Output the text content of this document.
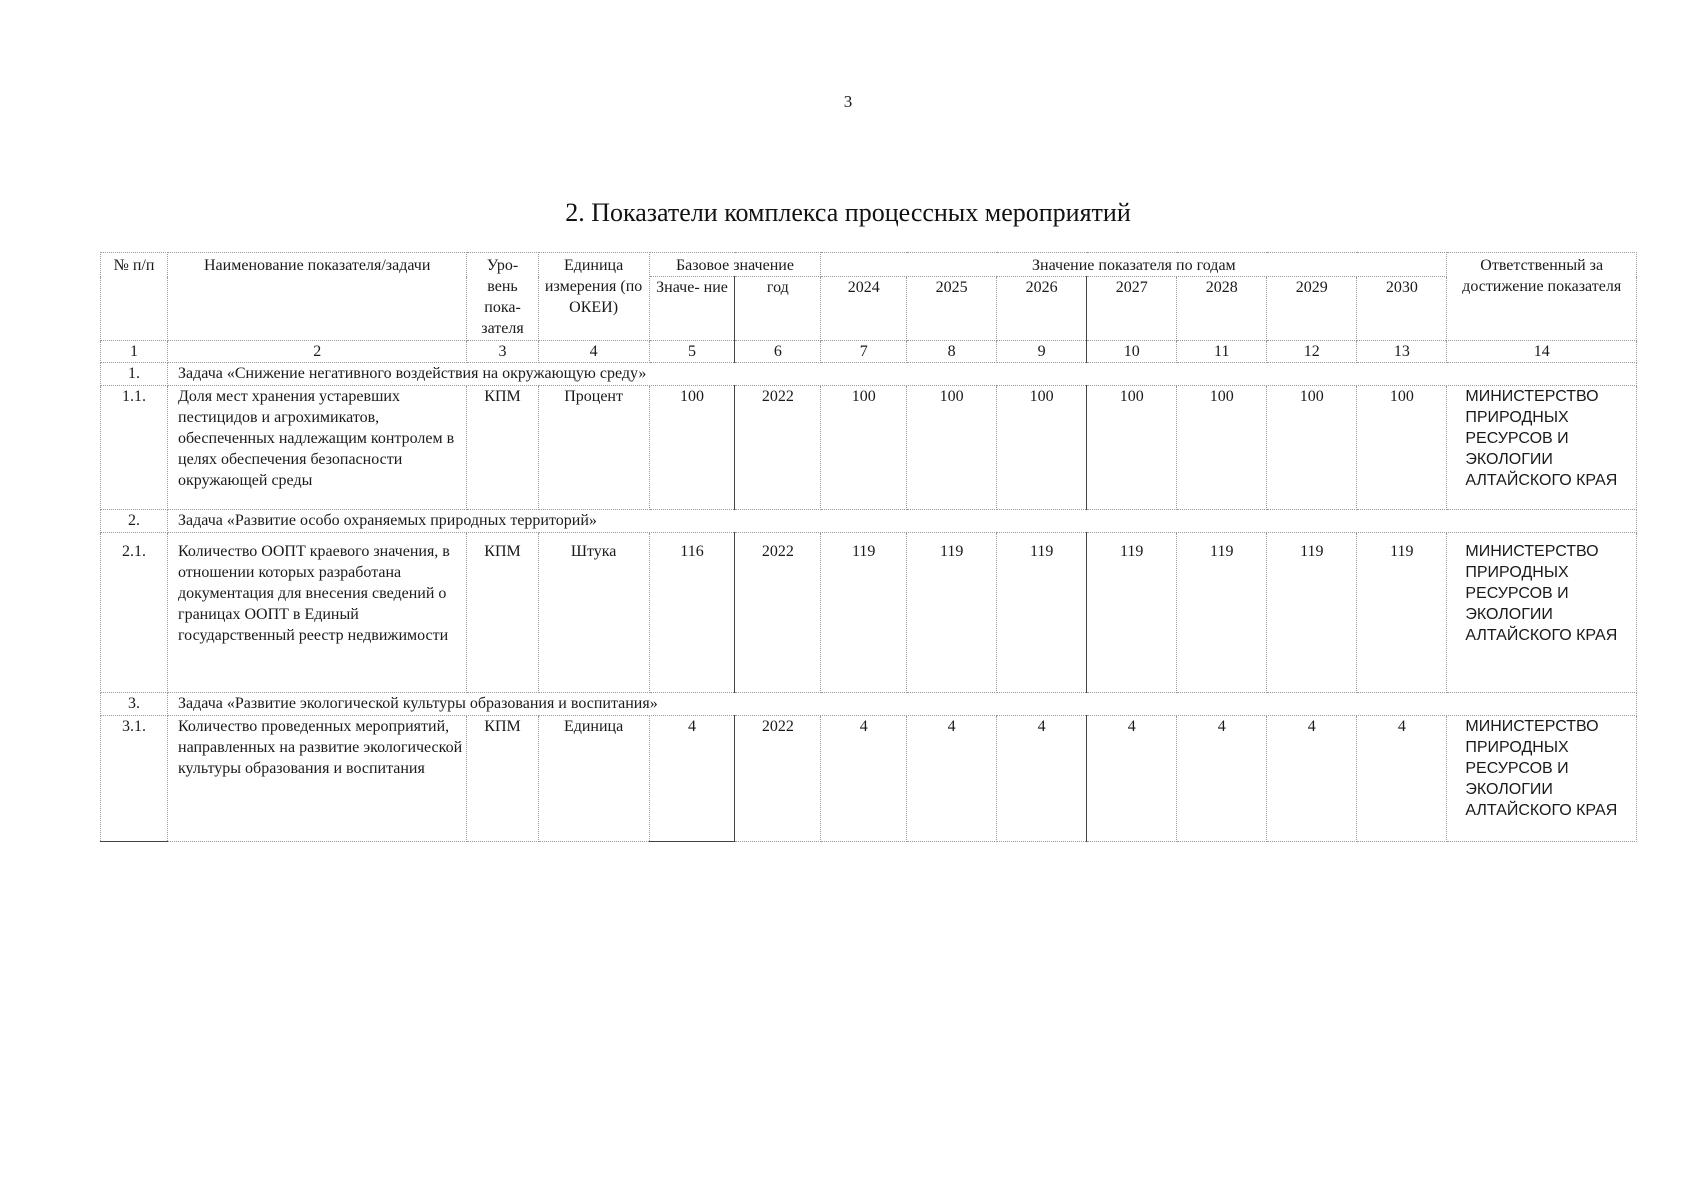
3
2. Показатели комплекса процессных мероприятий
№ п/п	Наименование показателя/задачи	Уро- вень пока- зателя	Единица измерения (по ОКЕИ)	Базовое значение		Значение показателя по годам							Ответственный за достижение показателя
				Значе- ние	год	2024	2025	2026	2027	2028	2029	2030	
1	2	3	4	5	6	7	8	9	10	11	12	13	14
1.	Задача «Снижение негативного воздействия на окружающую среду»												
1.1.	Доля мест хранения устаревших пестицидов и агрохимикатов, обеспеченных надлежащим контролем в целях обеспечения безопасности окружающей среды	КПМ	Процент	100	2022	100	100	100	100	100	100	100	МИНИСТЕРСТВО ПРИРОДНЫХ РЕСУРСОВ И ЭКОЛОГИИ АЛТАЙСКОГО КРАЯ
2.	Задача «Развитие особо охраняемых природных территорий»												
2.1.	Количество ООПТ краевого значения, в отношении которых разработана документация для внесения сведений о границах ООПТ в Единый государственный реестр недвижимости	КПМ	Штука	116	2022	119	119	119	119	119	119	119	МИНИСТЕРСТВО ПРИРОДНЫХ РЕСУРСОВ И ЭКОЛОГИИ АЛТАЙСКОГО КРАЯ
3.	Задача «Развитие экологической культуры образования и воспитания»												
3.1.	Количество проведенных мероприятий, направленных на развитие экологической культуры образования и воспитания	КПМ	Единица	4	2022	4	4	4	4	4	4	4	МИНИСТЕРСТВО ПРИРОДНЫХ РЕСУРСОВ И ЭКОЛОГИИ АЛТАЙСКОГО КРАЯ
